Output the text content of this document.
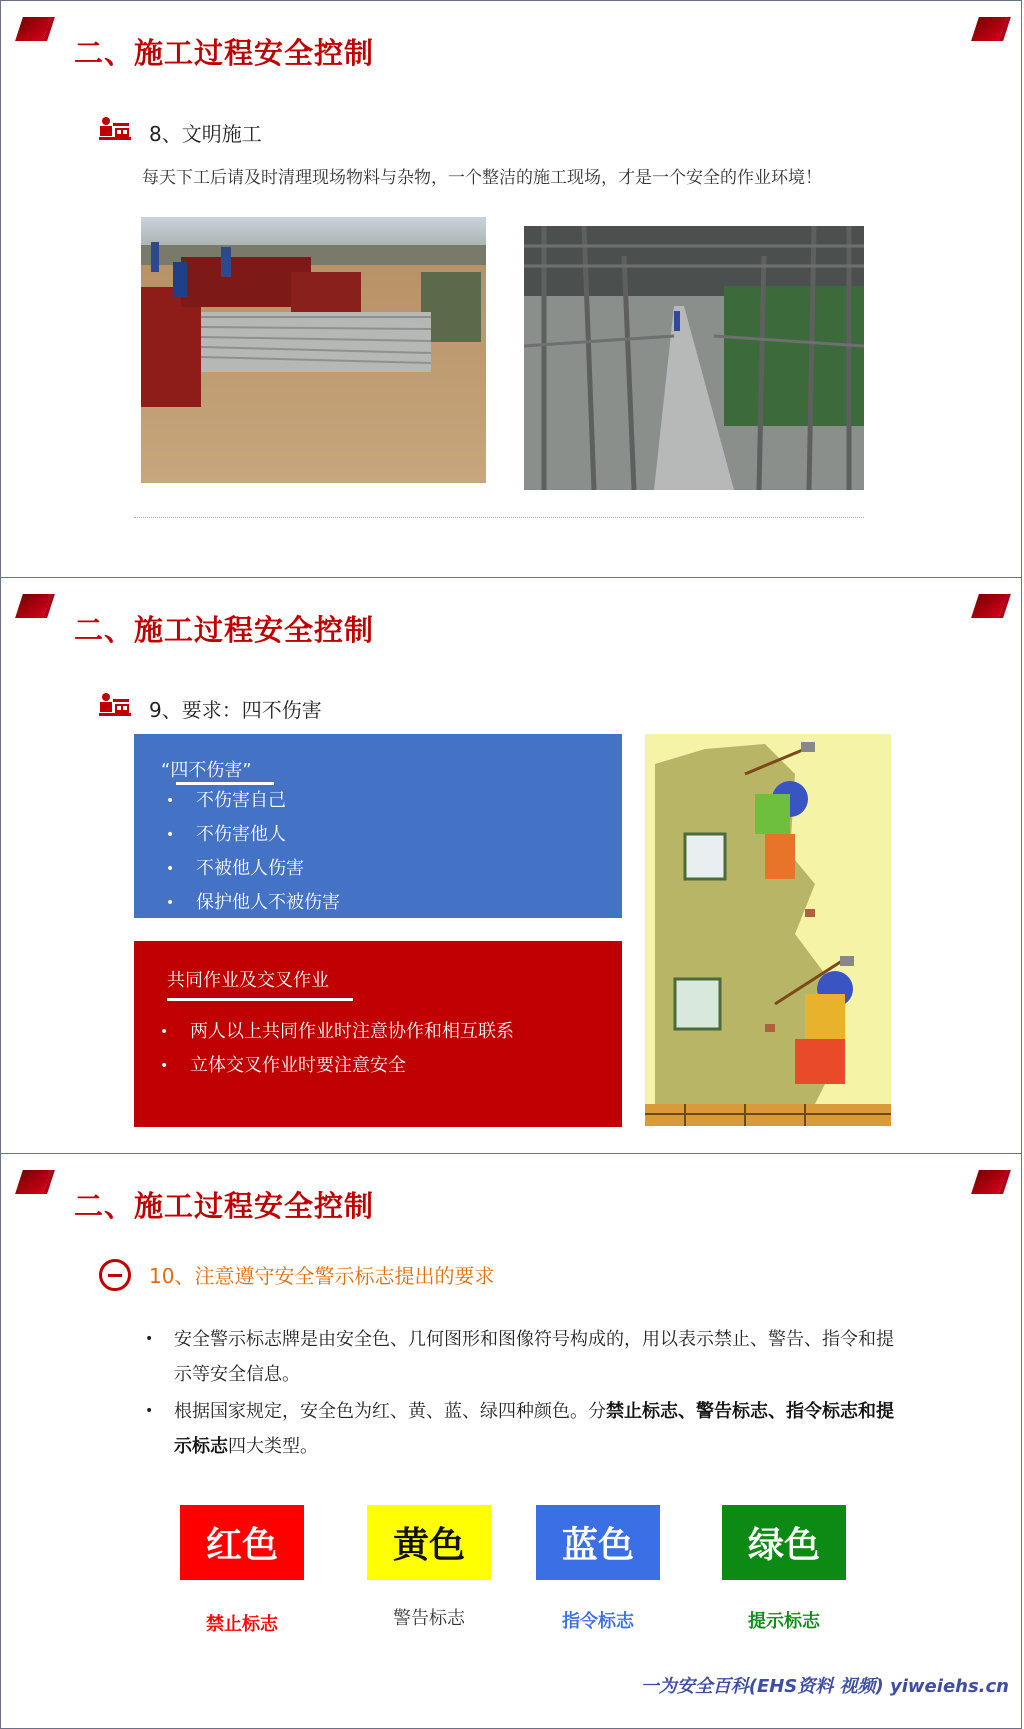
二、施工过程安全控制
8、文明施工
每天下工后请及时清理现场物料与杂物，一个整洁的施工现场，才是一个安全的作业环境！
二、施工过程安全控制
9、要求：四不伤害
“四不伤害”
• 不伤害自己
• 不伤害他人
• 不被他人伤害
• 保护他人不被伤害
共同作业及交叉作业
• 两人以上共同作业时注意协作和相互联系
• 立体交叉作业时要注意安全
二、施工过程安全控制
10、注意遵守安全警示标志提出的要求
• 安全警示标志牌是由安全色、几何图形和图像符号构成的，用以表示禁止、警告、指令和提示等安全信息。
• 根据国家规定，安全色为红、黄、蓝、绿四种颜色。分禁止标志、警告标志、指令标志和提示标志四大类型。
红色	黄色	蓝色	绿色
禁止标志	警告标志	指令标志	提示标志
一为安全百科(EHS资料 视频) yiweiehs.cn
